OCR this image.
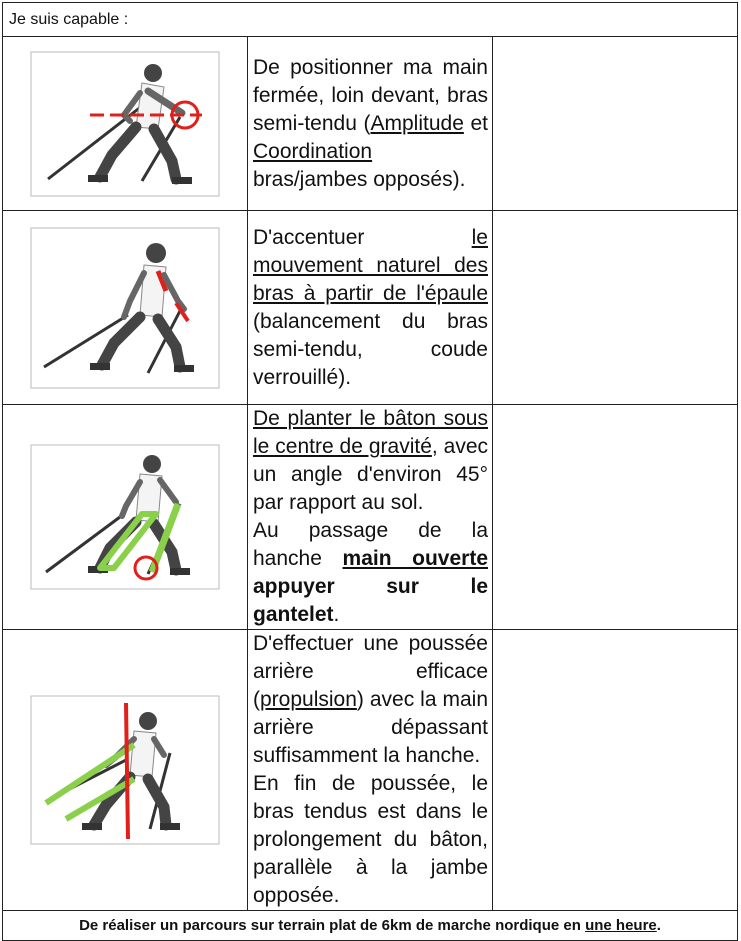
Je suis capable :		

	De positionner ma main fermée, loin devant, bras semi-tendu (Amplitude et Coordination bras/jambes opposés).	

	D'accentuer le mouvement naturel des bras à partir de l'épaule (balancement du bras semi-tendu, coude verrouillé).	

De planter le bâton sous le centre de gravité, avec un angle d'environ 45° par rapport au sol.
Au passage de la hanche main ouverte appuyer sur le gantelet.	

D'effectuer une poussée arrière efficace (propulsion) avec la main arrière dépassant suffisamment la hanche.
En fin de poussée, le bras tendus est dans le prolongement du bâton, parallèle à la jambe opposée.	

De réaliser un parcours sur terrain plat de 6km de marche nordique en une heure.		
